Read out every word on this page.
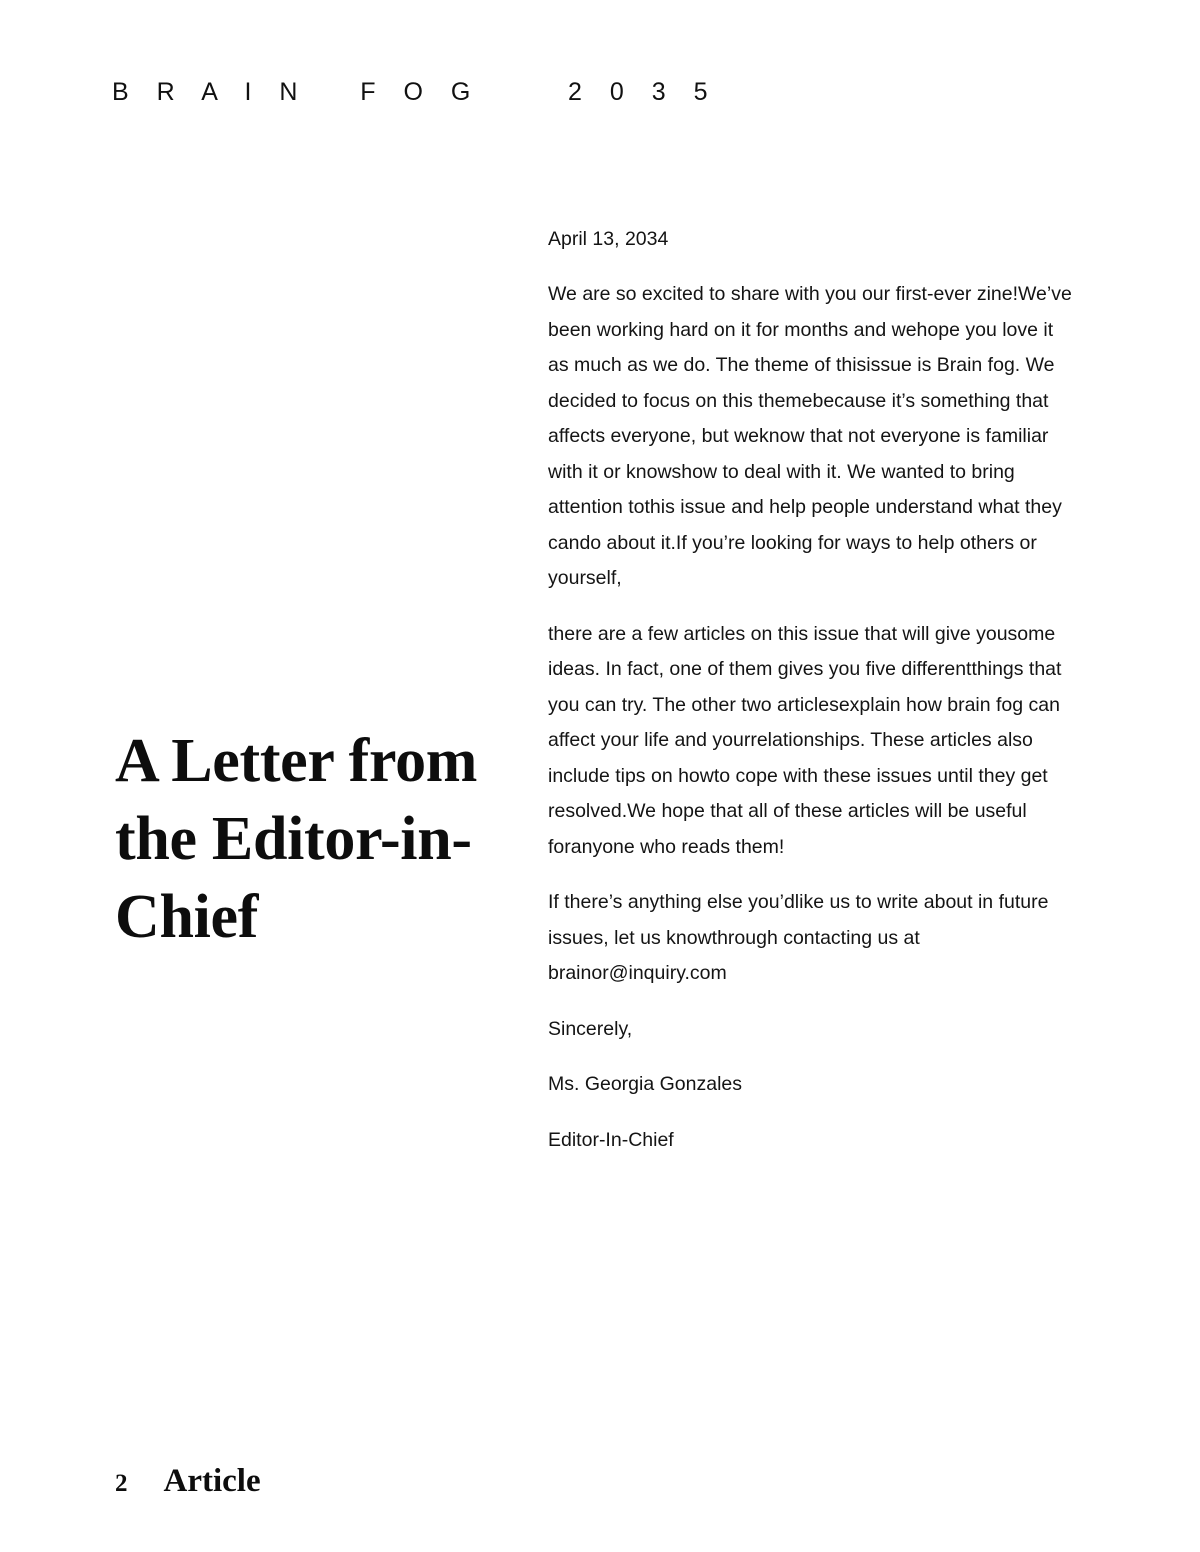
B R A I N   F O G     2 0 3 5
A Letter from the Editor-in-Chief

April 13, 2034

We are so excited to share with you our first-ever zine!We’ve been working hard on it for months and wehope you love it as much as we do. The theme of thisissue is Brain fog. We decided to focus on this themebecause it’s something that affects everyone, but weknow that not everyone is familiar with it or knowshow to deal with it. We wanted to bring attention tothis issue and help people understand what they cando about it.If you’re looking for ways to help others or yourself,

there are a few articles on this issue that will give yousome ideas. In fact, one of them gives you five differentthings that you can try. The other two articlesexplain how brain fog can affect your life and yourrelationships. These articles also include tips on howto cope with these issues until they get resolved.We hope that all of these articles will be useful foranyone who reads them!

If there’s anything else you’dlike us to write about in future issues, let us knowthrough contacting us at brainor@inquiry.com

Sincerely,

Ms. Georgia Gonzales

Editor-In-Chief

2 Article
